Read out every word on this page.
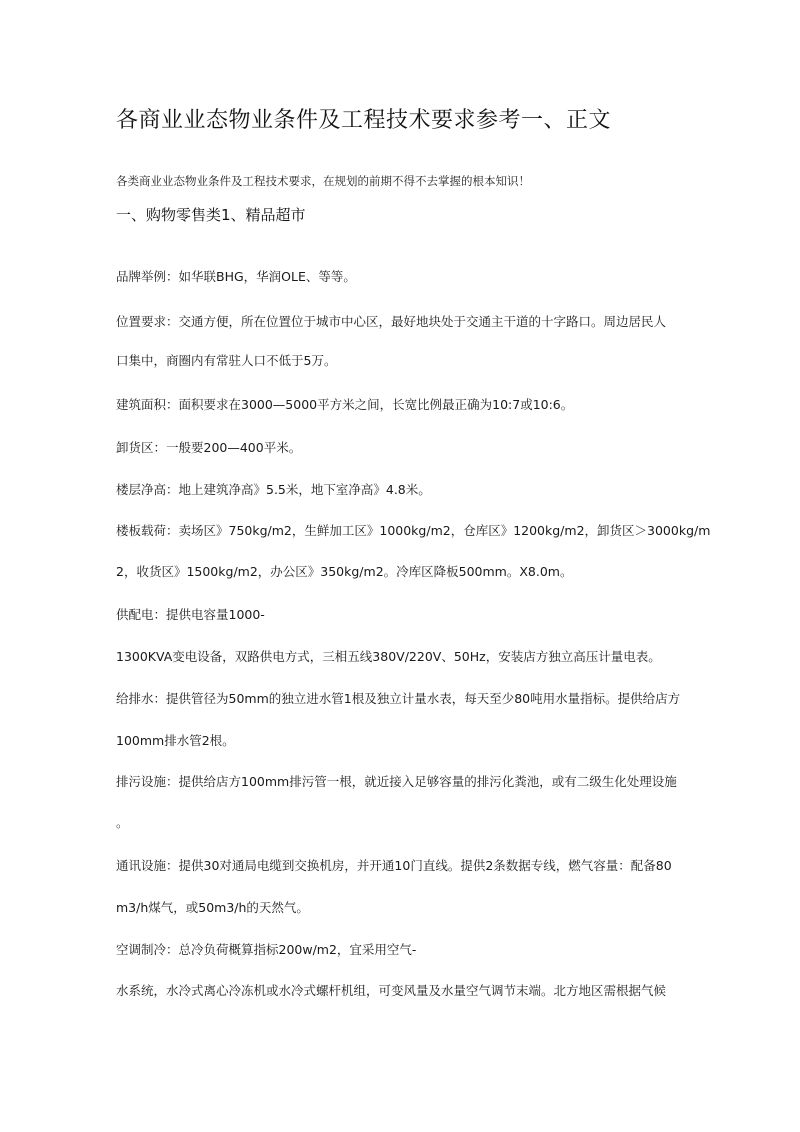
各商业业态物业条件及工程技术要求参考一、正文
各类商业业态物业条件及工程技术要求，在规划的前期不得不去掌握的根本知识！
一、购物零售类1、精品超市
品牌举例：如华联BHG，华润OLE、等等。
位置要求：交通方便，所在位置位于城市中心区，最好地块处于交通主干道的十字路口。周边居民人
口集中，商圈内有常驻人口不低于5万。
建筑面积：面积要求在3000—5000平方米之间，长宽比例最正确为10:7或10:6。
卸货区：一般要200—400平米。
楼层净高：地上建筑净高》5.5米，地下室净高》4.8米。
楼板载荷：卖场区》750kg/m2，生鲜加工区》1000kg/m2，仓库区》1200kg/m2，卸货区＞3000kg/m
2，收货区》1500kg/m2，办公区》350kg/m2。冷库区降板500mm。X8.0m。
供配电：提供电容量1000-
1300KVA变电设备，双路供电方式，三相五线380V/220V、50Hz，安装店方独立高压计量电表。
给排水：提供管径为50mm的独立进水管1根及独立计量水表，每天至少80吨用水量指标。提供给店方
100mm排水管2根。
排污设施：提供给店方100mm排污管一根，就近接入足够容量的排污化粪池，或有二级生化处理设施
。
通讯设施：提供30对通局电缆到交换机房，并开通10门直线。提供2条数据专线，燃气容量：配备80
m3/h煤气，或50m3/h的天然气。
空调制冷：总冷负荷概算指标200w/m2，宜采用空气-
水系统，水冷式离心冷冻机或水冷式螺杆机组，可变风量及水量空气调节末端。北方地区需根据气候
